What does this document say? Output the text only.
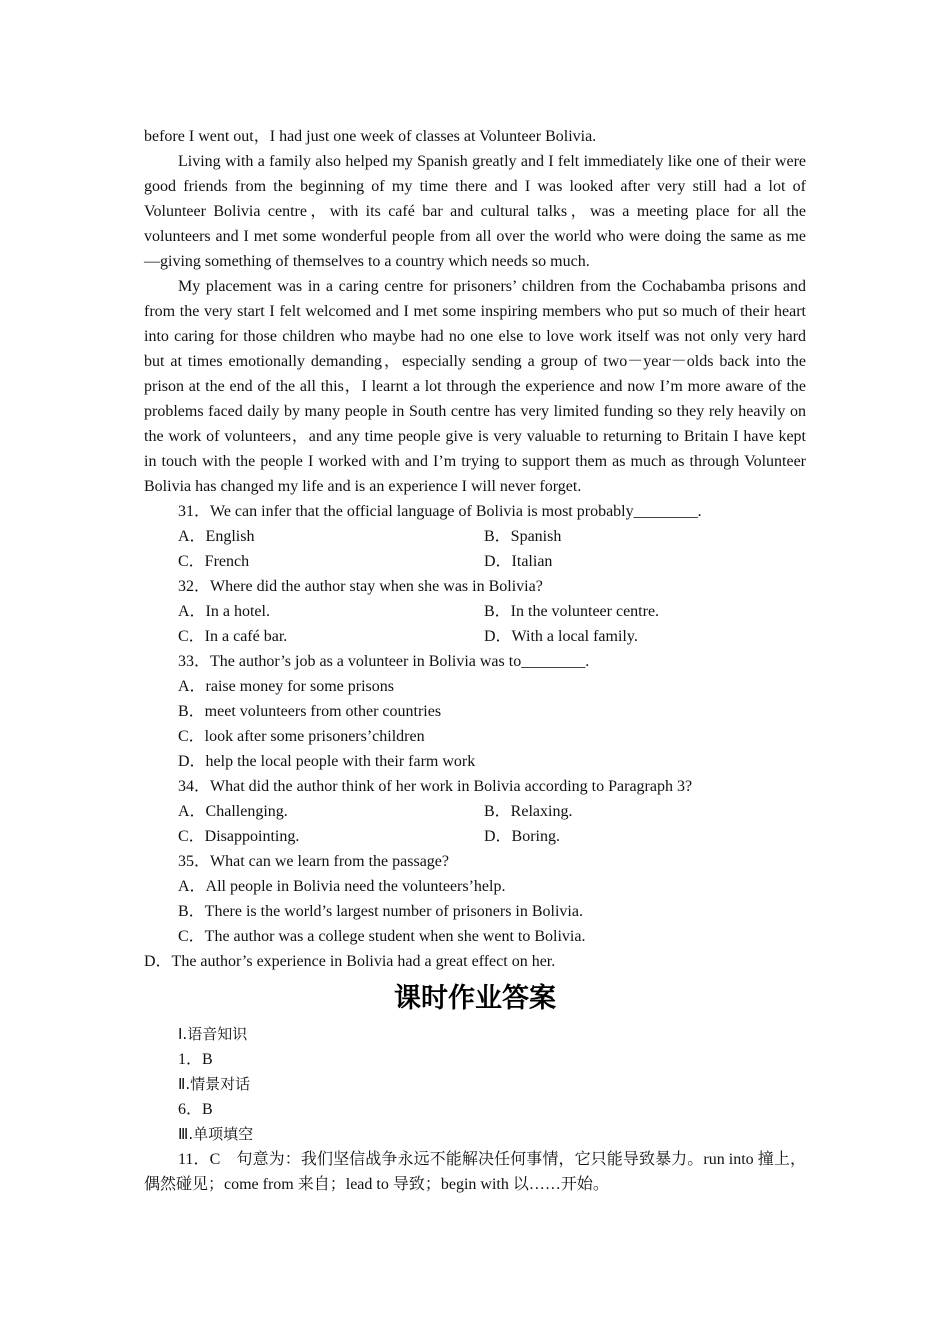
before I went out，I had just one week of classes at Volunteer Bolivia.

Living with a family also helped my Spanish greatly and I felt immediately like one of their were good friends from the beginning of my time there and I was looked after very still had a lot of Volunteer Bolivia centre，with its café bar and cultural talks，was a meeting place for all the volunteers and I met some wonderful people from all over the world who were doing the same as me—giving something of themselves to a country which needs so much.

My placement was in a caring centre for prisoners’ children from the Cochabamba prisons and from the very start I felt welcomed and I met some inspiring members who put so much of their heart into caring for those children who maybe had no one else to love work itself was not only very hard but at times emotionally demanding，especially sending a group of two－year－olds back into the prison at the end of the all this，I learnt a lot through the experience and now I’m more aware of the problems faced daily by many people in South centre has very limited funding so they rely heavily on the work of volunteers，and any time people give is very valuable to returning to Britain I have kept in touch with the people I worked with and I’m trying to support them as much as through Volunteer Bolivia has changed my life and is an experience I will never forget.

31．We can infer that the official language of Bolivia is most probably________.

A．English	B．Spanish
C．French	D．Italian

32．Where did the author stay when she was in Bolivia?

A．In a hotel.	B．In the volunteer centre.
C．In a café bar.	D．With a local family.

33．The author’s job as a volunteer in Bolivia was to________.

A．raise money for some prisons

B．meet volunteers from other countries

C．look after some prisoners’children

D．help the local people with their farm work

34．What did the author think of her work in Bolivia according to Paragraph 3?

A．Challenging.	B．Relaxing.
C．Disappointing.	D．Boring.

35．What can we learn from the passage?

A．All people in Bolivia need the volunteers’help.

B．There is the world’s largest number of prisoners in Bolivia.

C．The author was a college student when she went to Bolivia.

D．The author’s experience in Bolivia had a great effect on her.

课时作业答案

Ⅰ.语音知识

1．B

Ⅱ.情景对话

6．B

Ⅲ.单项填空

11．C　句意为：我们坚信战争永远不能解决任何事情，它只能导致暴力。run into 撞上，偶然碰见；come from 来自；lead to 导致；begin with 以……开始。
